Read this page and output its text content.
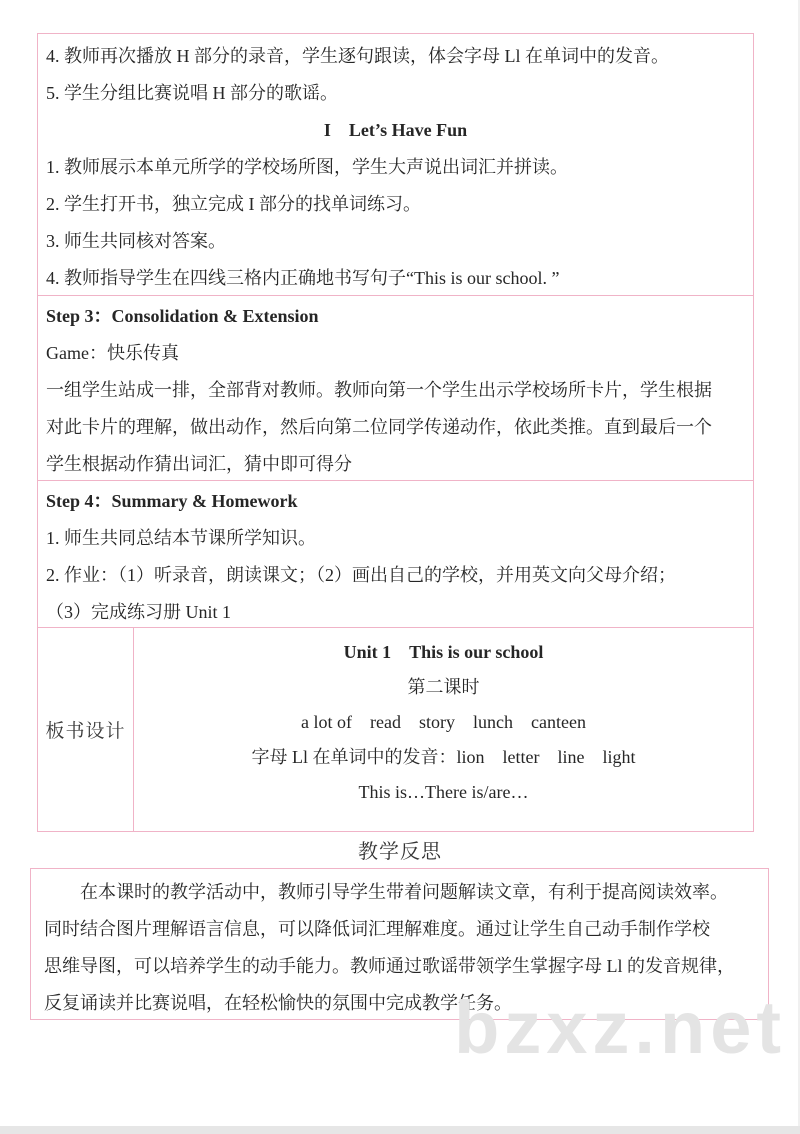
4. 教师再次播放 H 部分的录音，学生逐句跟读，体会字母 Ll 在单词中的发音。

5. 学生分组比赛说唱 H 部分的歌谣。

I　Let’s Have Fun

1. 教师展示本单元所学的学校场所图，学生大声说出词汇并拼读。

2. 学生打开书，独立完成 I 部分的找单词练习。

3. 师生共同核对答案。

4. 教师指导学生在四线三格内正确地书写句子“This is our school. ”

Step 3：Consolidation & Extension

Game：快乐传真

一组学生站成一排，全部背对教师。教师向第一个学生出示学校场所卡片，学生根据

对此卡片的理解，做出动作，然后向第二位同学传递动作，依此类推。直到最后一个

学生根据动作猜出词汇，猜中即可得分

Step 4：Summary & Homework

1. 师生共同总结本节课所学知识。

2. 作业：（1）听录音，朗读课文；（2）画出自己的学校，并用英文向父母介绍；

（3）完成练习册 Unit 1

板书设计

Unit 1　This is our school

第二课时

a lot of　read　story　lunch　canteen

字母 Ll 在单词中的发音：lion　letter　line　light

This is…There is/are…

教学反思

在本课时的教学活动中，教师引导学生带着问题解读文章，有利于提高阅读效率。

同时结合图片理解语言信息，可以降低词汇理解难度。通过让学生自己动手制作学校

思维导图，可以培养学生的动手能力。教师通过歌谣带领学生掌握字母 Ll 的发音规律，

反复诵读并比赛说唱，在轻松愉快的氛围中完成教学任务。

bzxz.net
